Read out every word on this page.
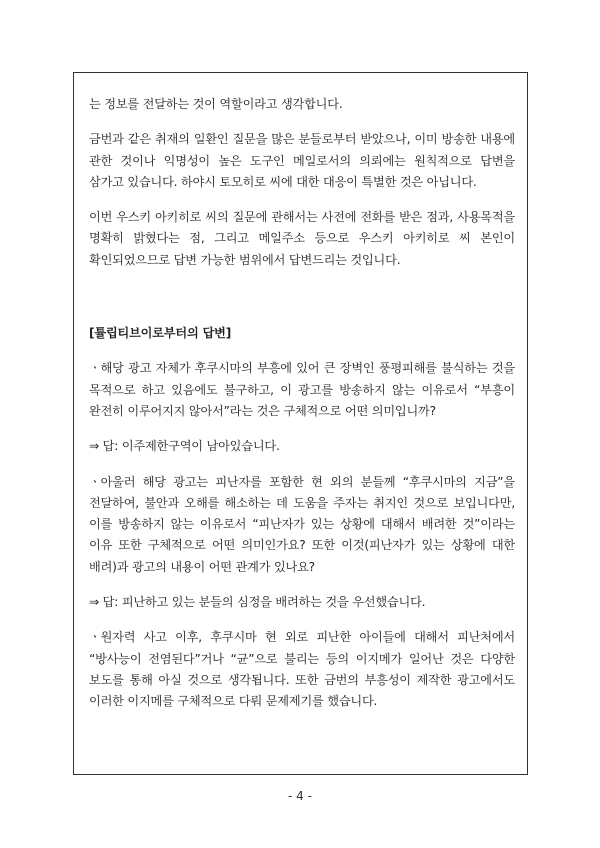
는 정보를 전달하는 것이 역할이라고 생각합니다.

금번과 같은 취재의 일환인 질문을 많은 분들로부터 받았으나, 이미 방송한 내용에 관한 것이나 익명성이 높은 도구인 메일로서의 의뢰에는 원칙적으로 답변을 삼가고 있습니다. 하야시 토모히로 씨에 대한 대응이 특별한 것은 아닙니다.

이번 우스키 아키히로 씨의 질문에 관해서는 사전에 전화를 받은 점과, 사용목적을 명확히 밝혔다는 점, 그리고 메일주소 등으로 우스키 아키히로 씨 본인이 확인되었으므로 답변 가능한 범위에서 답변드리는 것입니다.

[튤립티브이로부터의 답변]

ㆍ해당 광고 자체가 후쿠시마의 부흥에 있어 큰 장벽인 풍평피해를 불식하는 것을 목적으로 하고 있음에도 불구하고, 이 광고를 방송하지 않는 이유로서 “부흥이 완전히 이루어지지 않아서”라는 것은 구체적으로 어떤 의미입니까?

⇒ 답: 이주제한구역이 남아있습니다.

ㆍ아울러 해당 광고는 피난자를 포함한 현 외의 분들께 “후쿠시마의 지금”을 전달하여, 불안과 오해를 해소하는 데 도움을 주자는 취지인 것으로 보입니다만, 이를 방송하지 않는 이유로서 “피난자가 있는 상황에 대해서 배려한 것”이라는 이유 또한 구체적으로 어떤 의미인가요? 또한 이것(피난자가 있는 상황에 대한 배려)과 광고의 내용이 어떤 관계가 있나요?

⇒ 답: 피난하고 있는 분들의 심정을 배려하는 것을 우선했습니다.

ㆍ원자력 사고 이후, 후쿠시마 현 외로 피난한 아이들에 대해서 피난처에서 “방사능이 전염된다”거나 “균”으로 불리는 등의 이지메가 일어난 것은 다양한 보도를 통해 아실 것으로 생각됩니다. 또한 금번의 부흥성이 제작한 광고에서도 이러한 이지메를 구체적으로 다뤄 문제제기를 했습니다.

- 4 -
